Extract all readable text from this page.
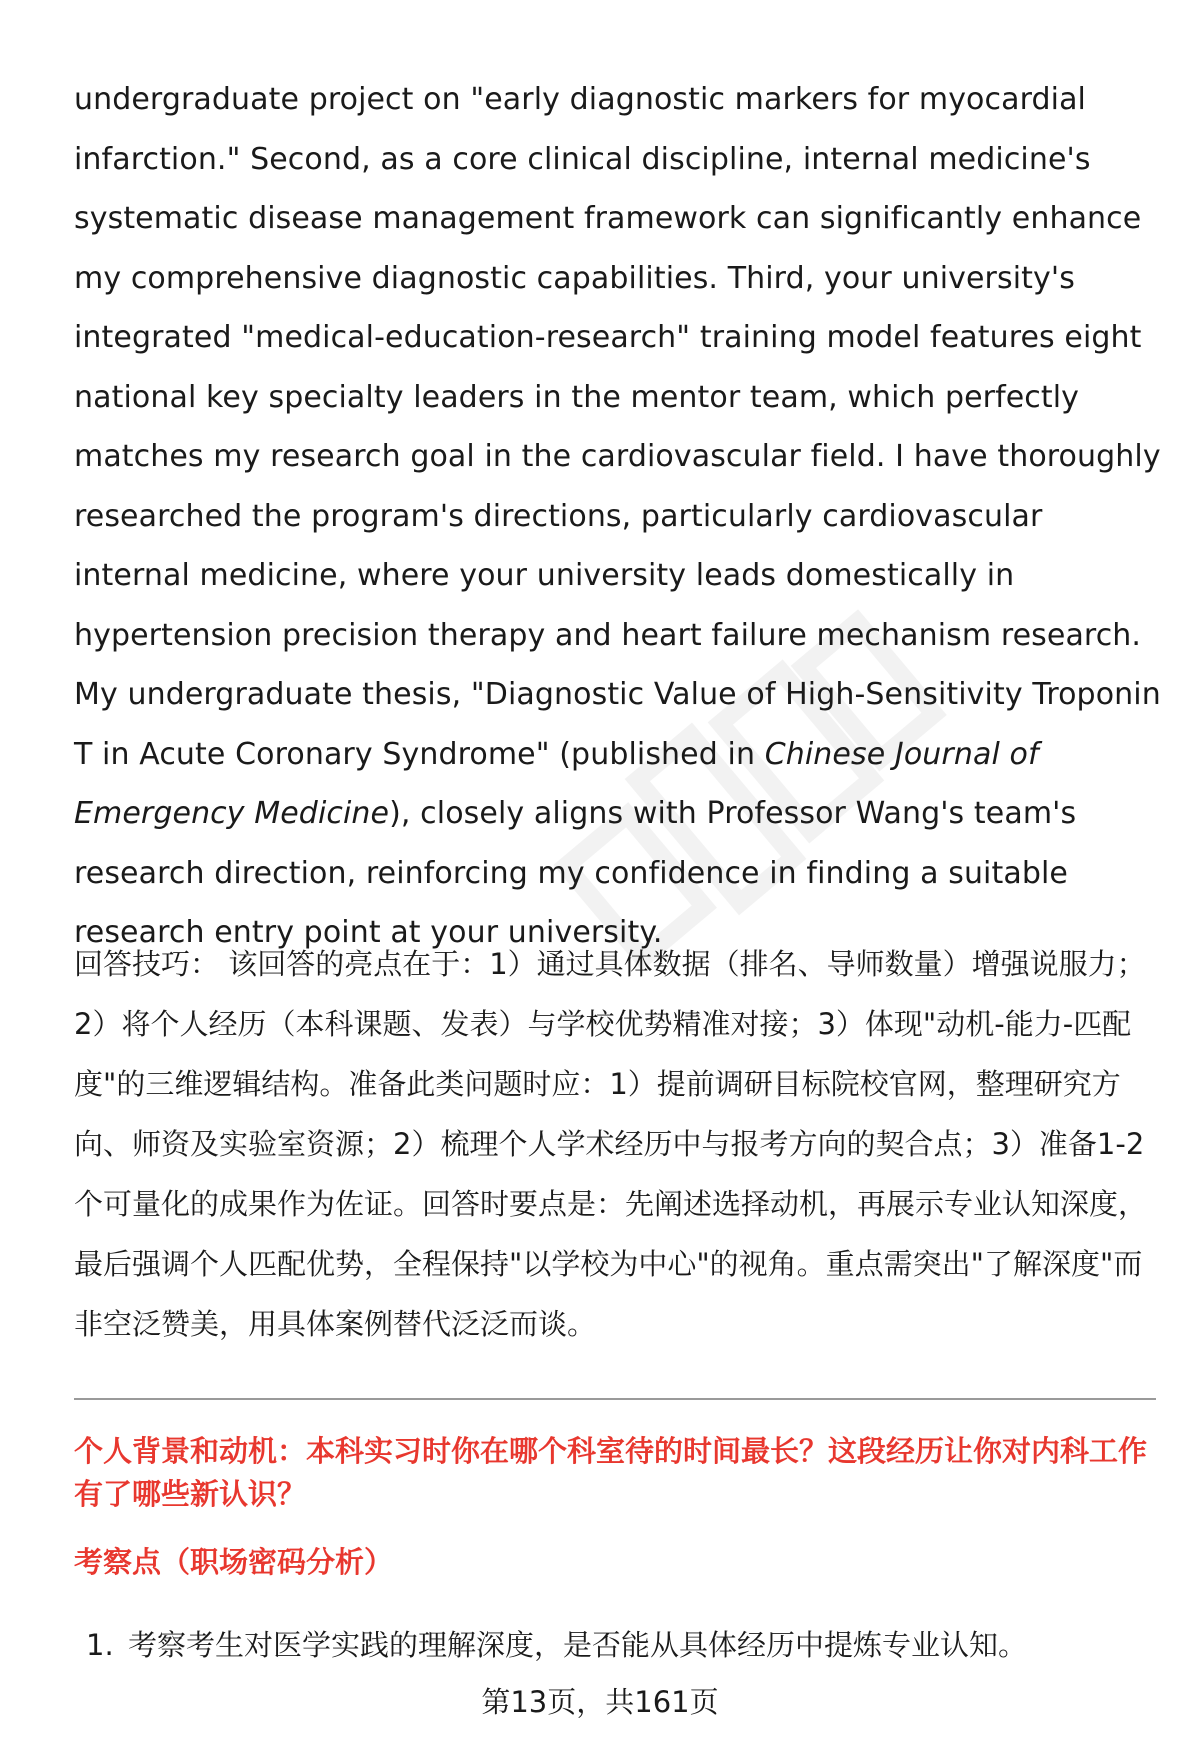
undergraduate project on "early diagnostic markers for myocardial infarction." Second, as a core clinical discipline, internal medicine's systematic disease management framework can significantly enhance my comprehensive diagnostic capabilities. Third, your university's integrated "medical-education-research" training model features eight national key specialty leaders in the mentor team, which perfectly matches my research goal in the cardiovascular field. I have thoroughly researched the program's directions, particularly cardiovascular internal medicine, where your university leads domestically in hypertension precision therapy and heart failure mechanism research. My undergraduate thesis, "Diagnostic Value of High-Sensitivity Troponin T in Acute Coronary Syndrome" (published in Chinese Journal of Emergency Medicine), closely aligns with Professor Wang's team's research direction, reinforcing my confidence in finding a suitable research entry point at your university.

回答技巧： 该回答的亮点在于：1）通过具体数据（排名、导师数量）增强说服力；2）将个人经历（本科课题、发表）与学校优势精准对接；3）体现"动机-能力-匹配度"的三维逻辑结构。准备此类问题时应：1）提前调研目标院校官网，整理研究方向、师资及实验室资源；2）梳理个人学术经历中与报考方向的契合点；3）准备1-2个可量化的成果作为佐证。回答时要点是：先阐述选择动机，再展示专业认知深度，最后强调个人匹配优势，全程保持"以学校为中心"的视角。重点需突出"了解深度"而非空泛赞美，用具体案例替代泛泛而谈。

个人背景和动机：本科实习时你在哪个科室待的时间最长？这段经历让你对内科工作有了哪些新认识？

考察点（职场密码分析）

1. 考察考生对医学实践的理解深度，是否能从具体经历中提炼专业认知。
第13页，共161页
